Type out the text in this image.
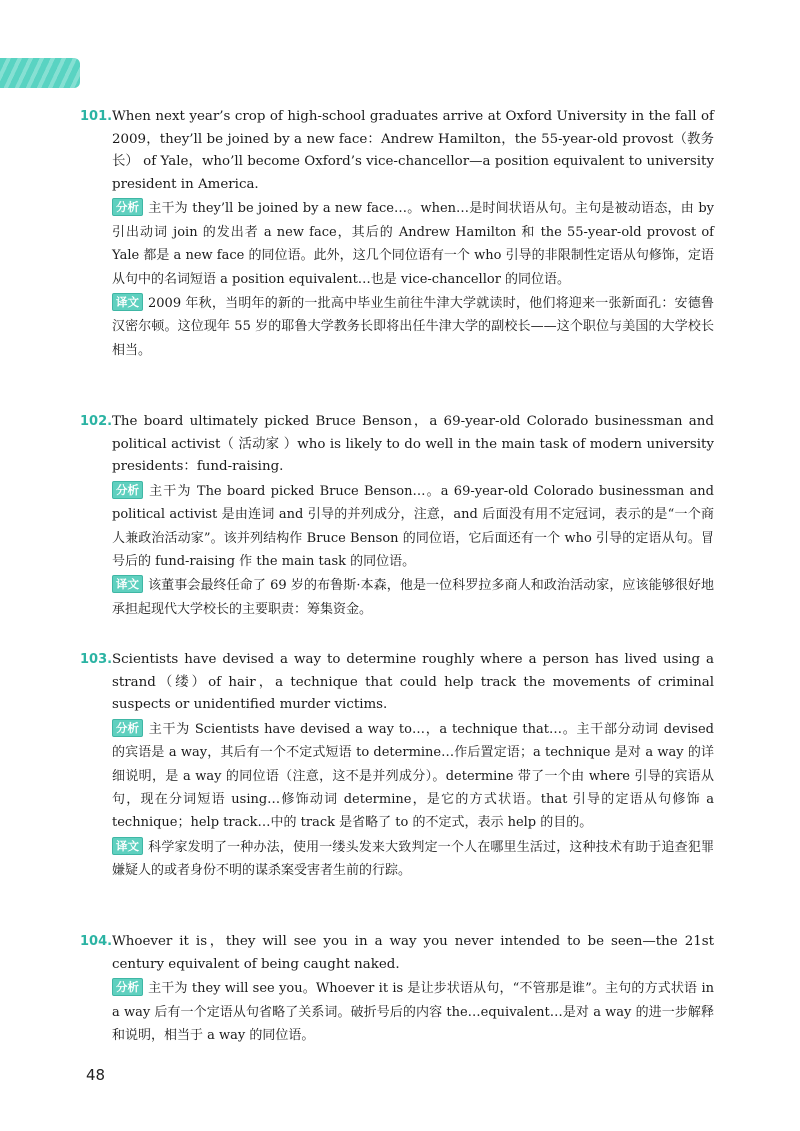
101. When next year’s crop of high-school graduates arrive at Oxford University in the fall of 2009，they’ll be joined by a new face：Andrew Hamilton，the 55-year-old provost（教务长） of Yale，who’ll become Oxford’s vice-chancellor—a position equivalent to university president in America.
分析 主干为 they’ll be joined by a new face…。when…是时间状语从句。主句是被动语态，由 by 引出动词 join 的发出者 a new face，其后的 Andrew Hamilton 和 the 55-year-old provost of Yale 都是 a new face 的同位语。此外，这几个同位语有一个 who 引导的非限制性定语从句修饰，定语从句中的名词短语 a position equivalent…也是 vice-chancellor 的同位语。
译文 2009 年秋，当明年的新的一批高中毕业生前往牛津大学就读时，他们将迎来一张新面孔：安德鲁 汉密尔顿。这位现年 55 岁的耶鲁大学教务长即将出任牛津大学的副校长——这个职位与美国的大学校长相当。
102. The board ultimately picked Bruce Benson，a 69-year-old Colorado businessman and political activist（ 活动家 ）who is likely to do well in the main task of modern university presidents：fund-raising.
分析 主干为 The board picked Bruce Benson…。a 69-year-old Colorado businessman and political activist 是由连词 and 引导的并列成分，注意，and 后面没有用不定冠词，表示的是“一个商人兼政治活动家”。该并列结构作 Bruce Benson 的同位语，它后面还有一个 who 引导的定语从句。冒号后的 fund-raising 作 the main task 的同位语。
译文 该董事会最终任命了 69 岁的布鲁斯·本森，他是一位科罗拉多商人和政治活动家，应该能够很好地承担起现代大学校长的主要职责：筹集资金。
103. Scientists have devised a way to determine roughly where a person has lived using a strand（缕）of hair，a technique that could help track the movements of criminal suspects or unidentified murder victims.
分析 主干为 Scientists have devised a way to…，a technique that…。主干部分动词 devised 的宾语是 a way，其后有一个不定式短语 to determine…作后置定语；a technique 是对 a way 的详细说明，是 a way 的同位语（注意，这不是并列成分）。determine 带了一个由 where 引导的宾语从句，现在分词短语 using…修饰动词 determine，是它的方式状语。that 引导的定语从句修饰 a technique；help track…中的 track 是省略了 to 的不定式，表示 help 的目的。
译文 科学家发明了一种办法，使用一缕头发来大致判定一个人在哪里生活过，这种技术有助于追查犯罪嫌疑人的或者身份不明的谋杀案受害者生前的行踪。
104. Whoever it is，they will see you in a way you never intended to be seen—the 21st century equivalent of being caught naked.
分析 主干为 they will see you。Whoever it is 是让步状语从句，“不管那是谁”。主句的方式状语 in a way 后有一个定语从句省略了关系词。破折号后的内容 the…equivalent…是对 a way 的进一步解释和说明，相当于 a way 的同位语。
48
